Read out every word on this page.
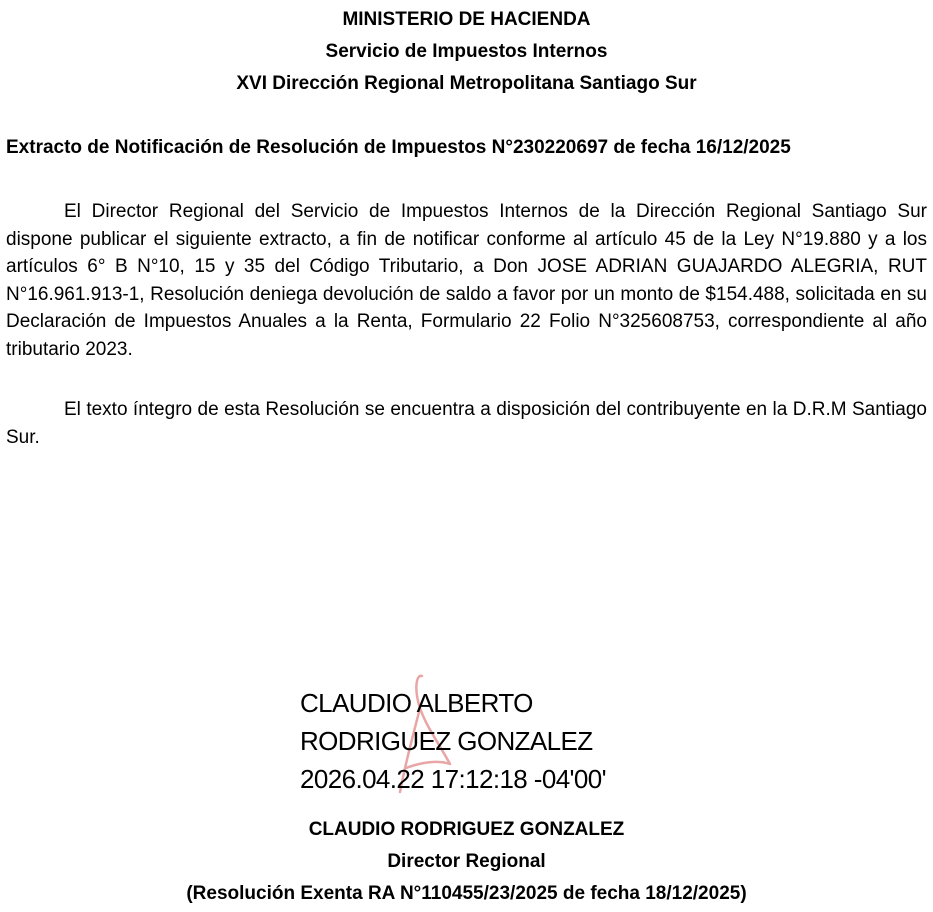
MINISTERIO DE HACIENDA
Servicio de Impuestos Internos
XVI Dirección Regional Metropolitana Santiago Sur
Extracto de Notificación de Resolución de Impuestos N°230220697 de fecha 16/12/2025

El Director Regional del Servicio de Impuestos Internos de la Dirección Regional Santiago Sur dispone publicar el siguiente extracto, a fin de notificar conforme al artículo 45 de la Ley N°19.880 y a los artículos 6° B N°10, 15 y 35 del Código Tributario, a Don JOSE ADRIAN GUAJARDO ALEGRIA, RUT N°16.961.913-1, Resolución deniega devolución de saldo a favor por un monto de $154.488, solicitada en su Declaración de Impuestos Anuales a la Renta, Formulario 22 Folio N°325608753, correspondiente al año tributario 2023.

El texto íntegro de esta Resolución se encuentra a disposición del contribuyente en la D.R.M Santiago Sur.

CLAUDIO ALBERTO
RODRIGUEZ GONZALEZ
2026.04.22 17:12:18 -04'00'
CLAUDIO RODRIGUEZ GONZALEZ
Director Regional
(Resolución Exenta RA N°110455/23/2025 de fecha 18/12/2025)
